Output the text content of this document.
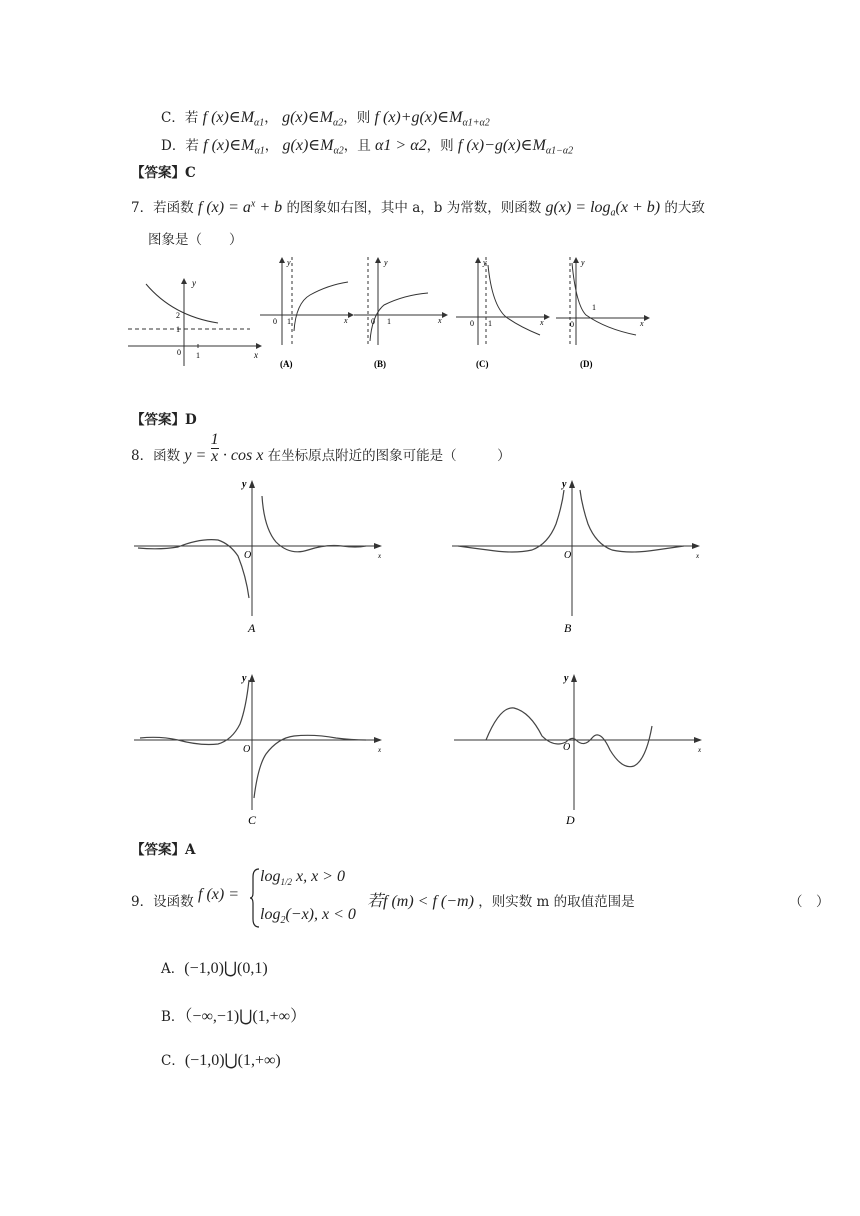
C．若 f $(x)\in M_{\alpha 1}$， $g(x)\in M_{\alpha 2}$，则 f $(x)+g(x)\in M_{\alpha 1+\alpha 2}$
D．若 f $(x)\in M_{\alpha 1}$， $g(x)\in M_{\alpha 2}$，且 α1 > α2，则 f $(x)-g(x)\in M_{\alpha 1-\alpha 2}$
【答案】C
7．若函数 f $(x) = a^x + b$ 的图象如右图，其中 a，b 为常数，则函数 $g(x) = \log_a(x + b)$ 的大致
图象是（　　）
y
x
2
1
0 1
y
0 1	x
(A)
y
0 1	x
(B)
y
0 1	x
(C)
y
0
1
x
(D)
【答案】D
8．函数 $y = \frac{1}{x} \cdot \cos x$ 在坐标原点附近的图象可能是（　　　）
y
O	x
A
y
O	x
B
y
O	x
C
y
O	x
D
【答案】A
9．设函数 f (x) =
$\log_{1/2} x$, x > 0
$\log_2(-x)$, x < 0
若f (m) < f (−m) ，则实数 m 的取值范围是	（　）
A．(−1,0)⋃(0,1)
B．（−∞,−1)⋃(1,+∞）
C．(−1,0)⋃(1,+∞)
